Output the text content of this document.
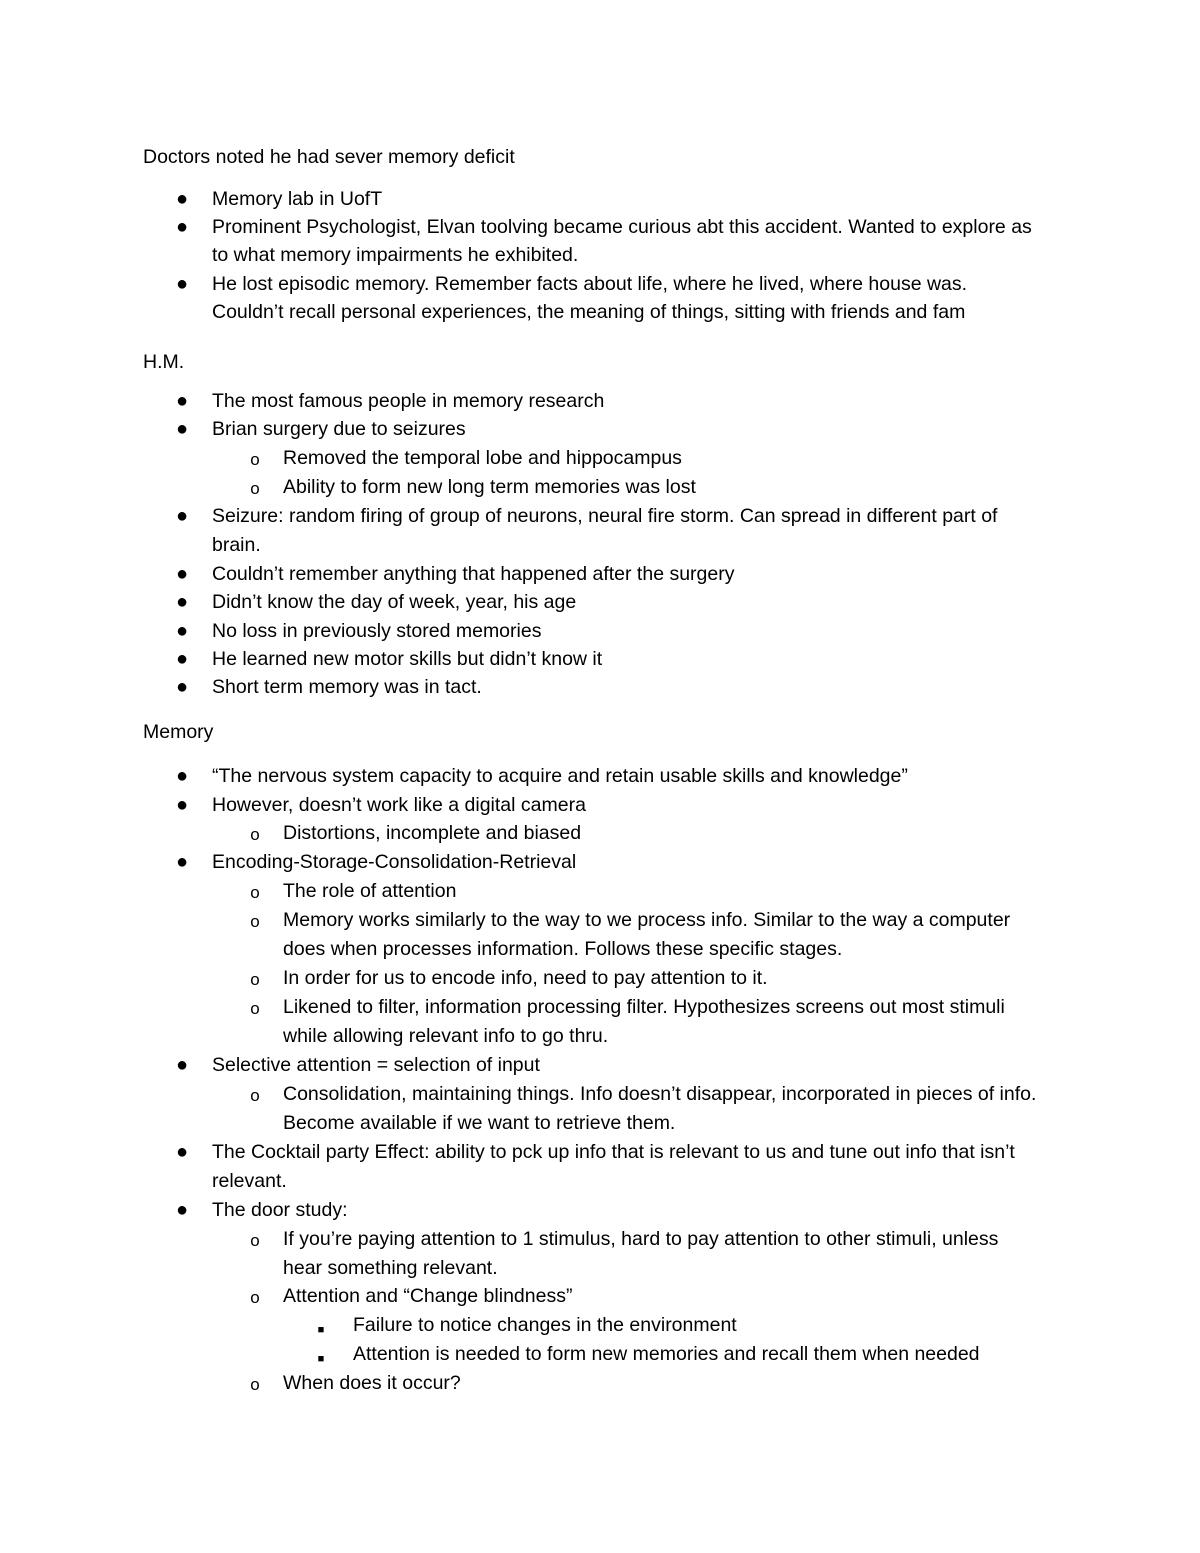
Doctors noted he had sever memory deficit
●	Memory lab in UofT
●	Prominent Psychologist, Elvan toolving became curious abt this accident. Wanted to explore as
to what memory impairments he exhibited.
●	He lost episodic memory. Remember facts about life, where he lived, where house was.
Couldn’t recall personal experiences, the meaning of things, sitting with friends and fam
H.M.
●	The most famous people in memory research
●	Brian surgery due to seizures
o	Removed the temporal lobe and hippocampus
o	Ability to form new long term memories was lost
●	Seizure: random firing of group of neurons, neural fire storm. Can spread in different part of
brain.
●	Couldn’t remember anything that happened after the surgery
●	Didn’t know the day of week, year, his age
●	No loss in previously stored memories
●	He learned new motor skills but didn’t know it
●	Short term memory was in tact.
Memory
●	“The nervous system capacity to acquire and retain usable skills and knowledge”
●	However, doesn’t work like a digital camera
o	Distortions, incomplete and biased
●	Encoding-Storage-Consolidation-Retrieval
o	The role of attention
o	Memory works similarly to the way to we process info. Similar to the way a computer
does when processes information. Follows these specific stages.
o	In order for us to encode info, need to pay attention to it.
o	Likened to filter, information processing filter. Hypothesizes screens out most stimuli
while allowing relevant info to go thru.
●	Selective attention = selection of input
o	Consolidation, maintaining things. Info doesn’t disappear, incorporated in pieces of info.
Become available if we want to retrieve them.
●	The Cocktail party Effect: ability to pck up info that is relevant to us and tune out info that isn’t
relevant.
●	The door study:
o	If you’re paying attention to 1 stimulus, hard to pay attention to other stimuli, unless
hear something relevant.
o	Attention and “Change blindness”
■	Failure to notice changes in the environment
■	Attention is needed to form new memories and recall them when needed
o	When does it occur?
